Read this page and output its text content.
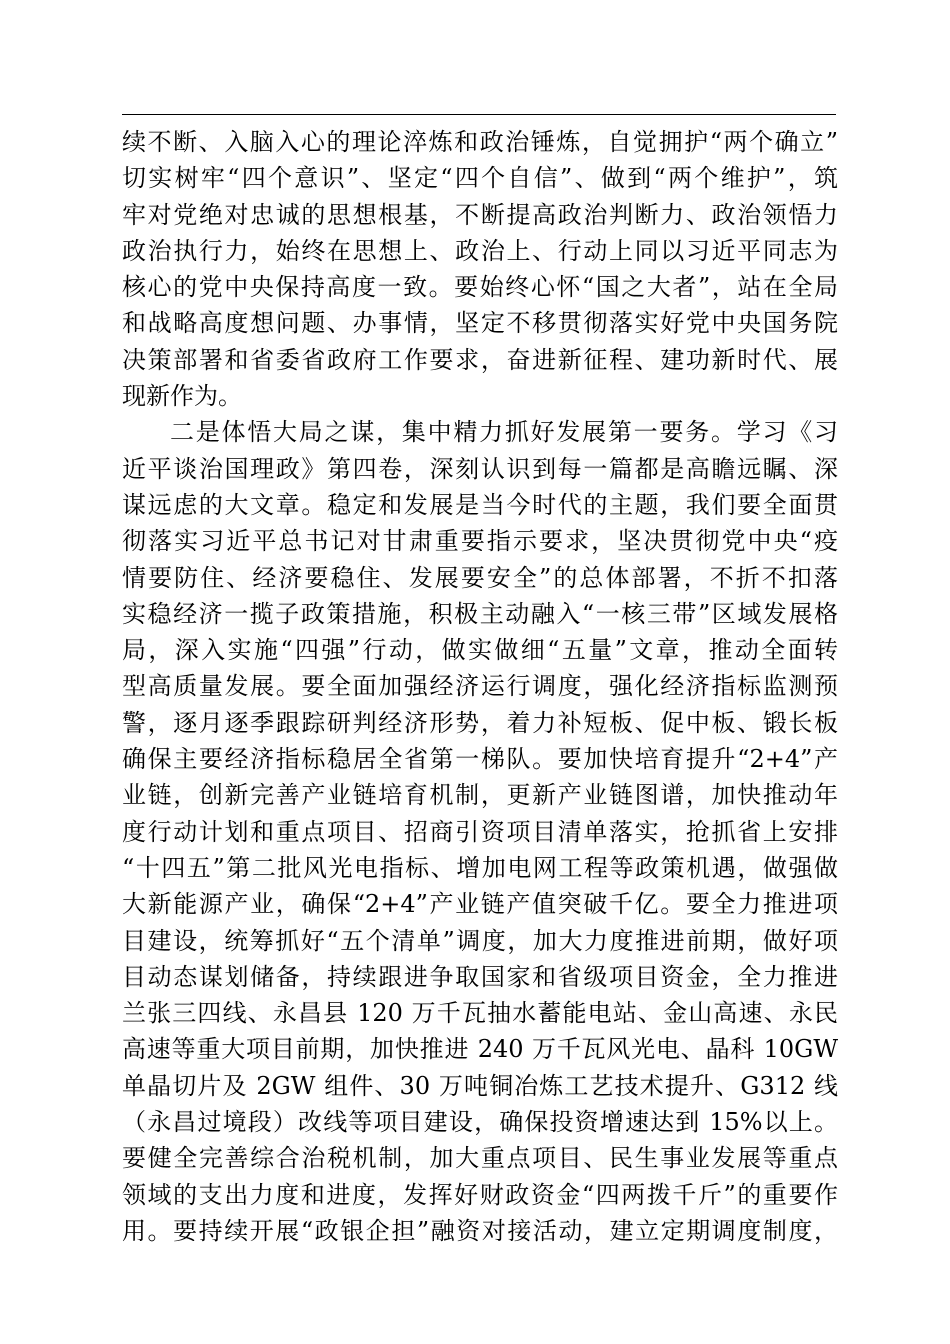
续不断、入脑入心的理论淬炼和政治锤炼，自觉拥护“两个确立”
切实树牢“四个意识”、坚定“四个自信”、做到“两个维护”，筑
牢对党绝对忠诚的思想根基，不断提高政治判断力、政治领悟力
政治执行力，始终在思想上、政治上、行动上同以习近平同志为
核心的党中央保持高度一致。要始终心怀“国之大者”，站在全局
和战略高度想问题、办事情，坚定不移贯彻落实好党中央国务院
决策部署和省委省政府工作要求，奋进新征程、建功新时代、展
现新作为。
二是体悟大局之谋，集中精力抓好发展第一要务。学习《习
近平谈治国理政》第四卷，深刻认识到每一篇都是高瞻远瞩、深
谋远虑的大文章。稳定和发展是当今时代的主题，我们要全面贯
彻落实习近平总书记对甘肃重要指示要求，坚决贯彻党中央“疫
情要防住、经济要稳住、发展要安全”的总体部署，不折不扣落
实稳经济一揽子政策措施，积极主动融入“一核三带”区域发展格
局，深入实施“四强”行动，做实做细“五量”文章，推动全面转
型高质量发展。要全面加强经济运行调度，强化经济指标监测预
警，逐月逐季跟踪研判经济形势，着力补短板、促中板、锻长板
确保主要经济指标稳居全省第一梯队。要加快培育提升“2+4”产
业链，创新完善产业链培育机制，更新产业链图谱，加快推动年
度行动计划和重点项目、招商引资项目清单落实，抢抓省上安排
“十四五”第二批风光电指标、增加电网工程等政策机遇，做强做
大新能源产业，确保“2+4”产业链产值突破千亿。要全力推进项
目建设，统筹抓好“五个清单”调度，加大力度推进前期，做好项
目动态谋划储备，持续跟进争取国家和省级项目资金，全力推进
兰张三四线、永昌县 120 万千瓦抽水蓄能电站、金山高速、永民
高速等重大项目前期，加快推进 240 万千瓦风光电、晶科 10GW
单晶切片及 2GW 组件、30 万吨铜冶炼工艺技术提升、G312 线
（永昌过境段）改线等项目建设，确保投资增速达到 15%以上。
要健全完善综合治税机制，加大重点项目、民生事业发展等重点
领域的支出力度和进度，发挥好财政资金“四两拨千斤”的重要作
用。要持续开展“政银企担”融资对接活动，建立定期调度制度，
